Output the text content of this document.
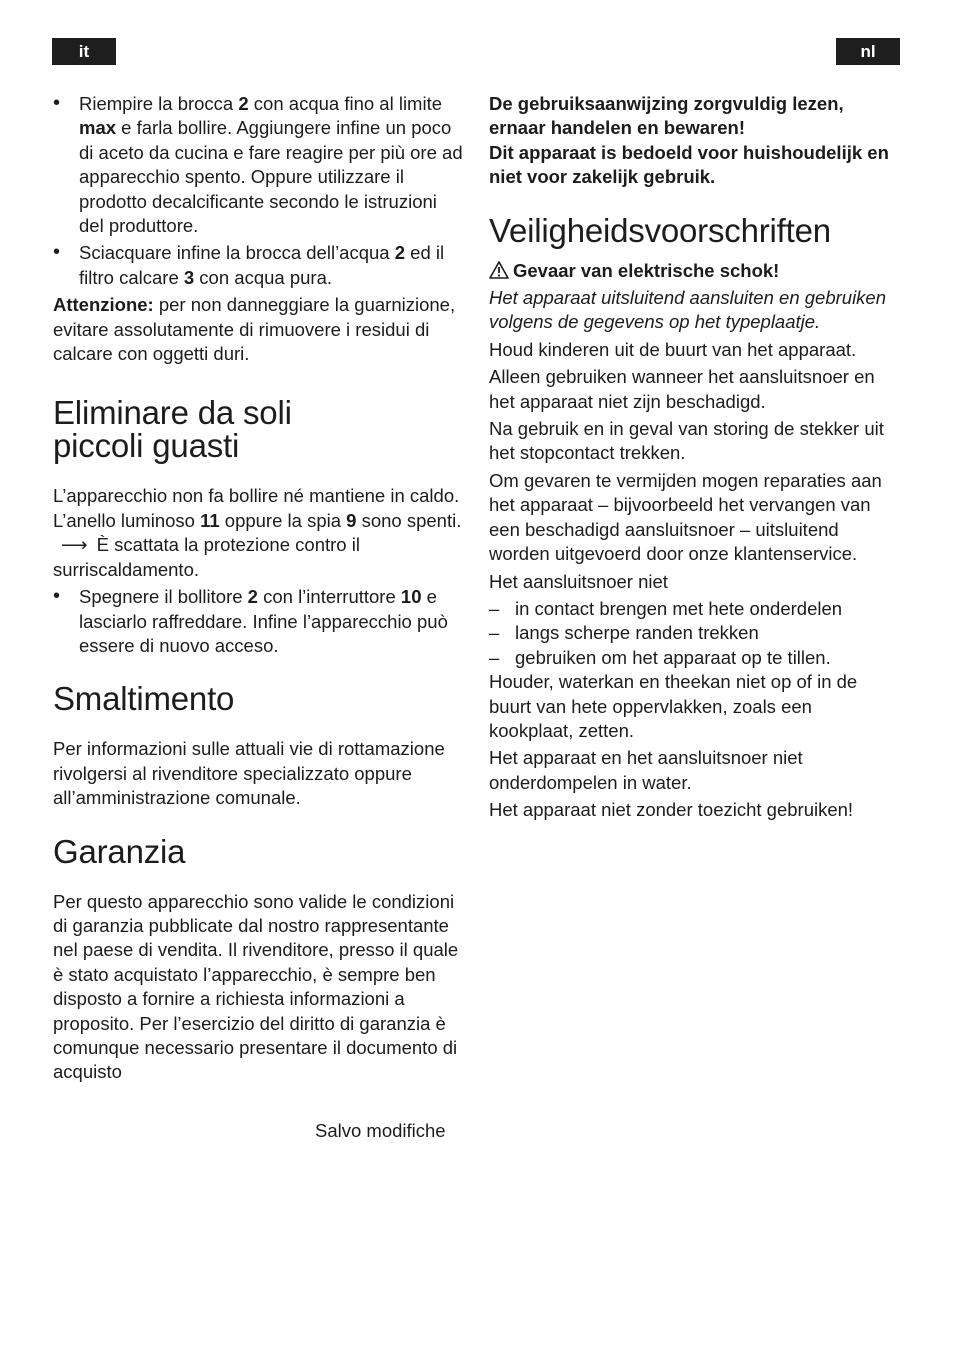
it	nl
• Riempire la brocca 2 con acqua fino al limite max e farla bollire. Aggiungere infine un poco di aceto da cucina e fare reagire per più ore ad apparecchio spento. Oppure utilizzare il prodotto decalcificante secondo le istruzioni del produttore.
• Sciacquare infine la brocca dell’acqua 2 ed il filtro calcare 3 con acqua pura.

Attenzione: per non danneggiare la guarnizione, evitare assolutamente di rimuovere i residui di calcare con oggetti duri.

Eliminare da soli
piccoli guasti

L’apparecchio non fa bollire né mantiene in caldo. L’anello luminoso 11 oppure la spia 9 sono spenti. ⟶ È scattata la protezione contro il surriscaldamento.

• Spegnere il bollitore 2 con l’interruttore 10 e lasciarlo raffreddare. Infine l’apparecchio può essere di nuovo acceso.
Smaltimento

Per informazioni sulle attuali vie di rottamazione rivolgersi al rivenditore specializzato oppure all’amministrazione comunale.

Garanzia

Per questo apparecchio sono valide le condizioni di garanzia pubblicate dal nostro rappresentante nel paese di vendita. Il rivenditore, presso il quale è stato acquistato l’apparecchio, è sempre ben disposto a fornire a richiesta informazioni a proposito. Per l’esercizio del diritto di garanzia è comunque necessario presentare il documento di acquisto

Salvo modifiche

De gebruiksaanwijzing zorgvuldig lezen, ernaar handelen en bewaren!

Dit apparaat is bedoeld voor huishoudelijk en niet voor zakelijk gebruik.

Veiligheidsvoorschriften

Gevaar van elektrische schok!

Het apparaat uitsluitend aansluiten en gebruiken volgens de gegevens op het typeplaatje.

Houd kinderen uit de buurt van het apparaat.

Alleen gebruiken wanneer het aansluitsnoer en het apparaat niet zijn beschadigd.

Na gebruik en in geval van storing de stekker uit het stopcontact trekken.

Om gevaren te vermijden mogen reparaties aan het apparaat – bijvoorbeeld het vervangen van een beschadigd aansluitsnoer – uitsluitend worden uitgevoerd door onze klantenservice.

Het aansluitsnoer niet

– in contact brengen met hete onderdelen
– langs scherpe randen trekken
– gebruiken om het apparaat op te tillen.

Houder, waterkan en theekan niet op of in de buurt van hete oppervlakken, zoals een kookplaat, zetten.

Het apparaat en het aansluitsnoer niet onderdompelen in water.

Het apparaat niet zonder toezicht gebruiken!
